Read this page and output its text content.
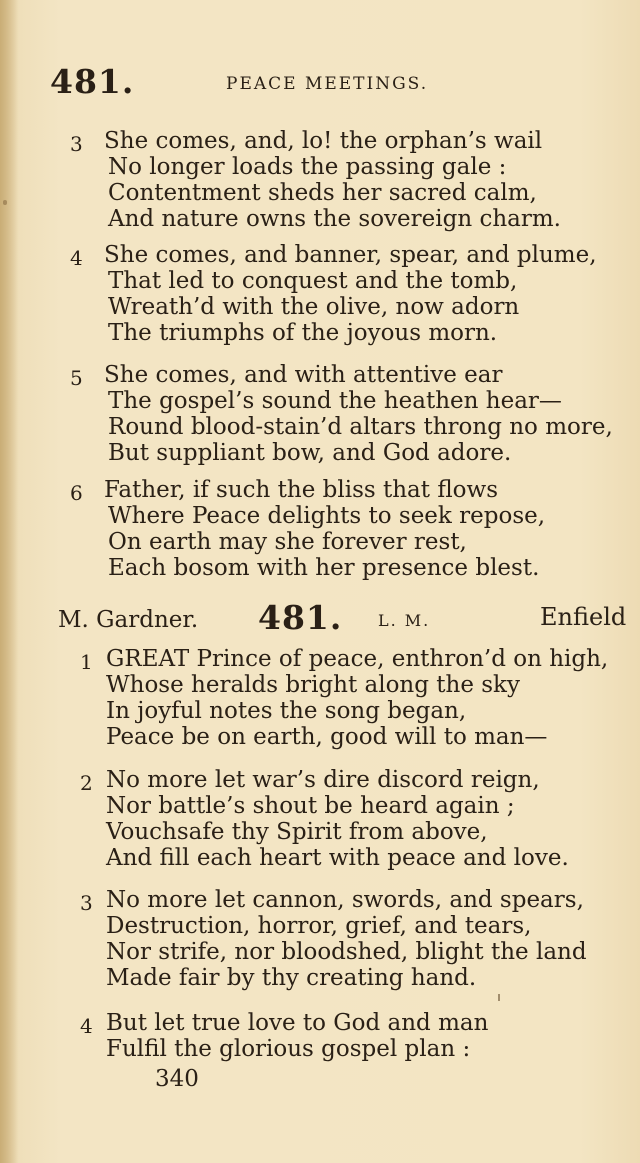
481.	PEACE MEETINGS.
3 She comes, and, lo! the orphan’s wail
No longer loads the passing gale :
Contentment sheds her sacred calm,
And nature owns the sovereign charm.
4 She comes, and banner, spear, and plume,
That led to conquest and the tomb,
Wreath’d with the olive, now adorn
The triumphs of the joyous morn.
5 She comes, and with attentive ear
The gospel’s sound the heathen hear—
Round blood-stain’d altars throng no more,
But suppliant bow, and God adore.
6 Father, if such the bliss that flows
Where Peace delights to seek repose,
On earth may she forever rest,
Each bosom with her presence blest.
M. Gardner. 481. L. M.	Enfield
1 GREAT Prince of peace, enthron’d on high,
Whose heralds bright along the sky
In joyful notes the song began,
Peace be on earth, good will to man—
2 No more let war’s dire discord reign,
Nor battle’s shout be heard again ;
Vouchsafe thy Spirit from above,
And fill each heart with peace and love.
3 No more let cannon, swords, and spears,
Destruction, horror, grief, and tears,
Nor strife, nor bloodshed, blight the land
Made fair by thy creating hand.
4 But let true love to God and man
Fulfil the glorious gospel plan :
340
